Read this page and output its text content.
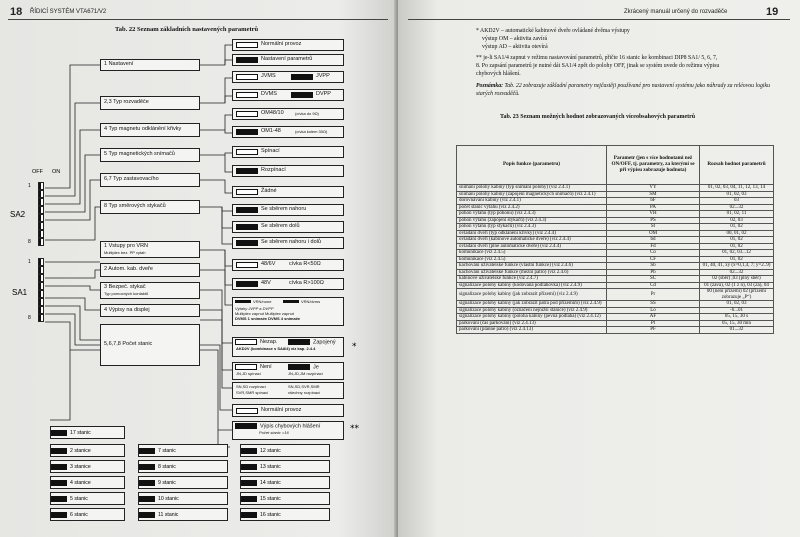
18 ŘÍDICÍ SYSTÉM VTA671/V2
Tab. 22 Seznam základních nastavených parametrů
OFF ON
SA2
SA1
1
8
1
8
1 Nastavení
2,3 Typ rozvaděče
4 Typ magnetu odklánění křivky
5 Typ magnetických snímačů
6,7 Typ zastavovacího
8 Typ směrových stykačů
1 Vstupy pro VRN
Multiplex bez. PP vytah
2 Autom. kab. dveře
3 Bezpeč. stykač
Typ pomocných kontaktů
4 Výpisy na displej
5,6,7,8 Počet stanic
Normální provoz
Nastavení parametrů
JVMS	JVPP
DVMS	DVPP
OM48/10	(cívka do 9Ω)
OM1-48	(cívka kolem 30Ω)
Spínací
Rozpínací
Žádné
Se sběrem nahoru
Se sběrem dolů
Se sběrem nahoru i dolů
48/6V	cívka R<50Ω
48V	cívka R>100Ω
VRN/none	VRN/dvms
Výtahy JVPP a DVPP
Multiplex zapnut Multiplex zapnut
DVMS 1 snímače DVMS 4 snímače
Nezap.	Zapojený
AKD2V (kombinace s SA8/4) viz kap. 2.4.4	*
Není	Je
JN,JD spínací	JN,JD,JM rozpínací
SN,SD rozpínací	SN,SD,SVR,SMR
SVR,SMR spínací	všechny rozpínací
Normální provoz
Výpis chybových hlášení
Počet stanic =16	**
17 stanic
2 stanice
3 stanice
4 stanice
5 stanic
6 stanic
7 stanic
8 stanic
9 stanic
10 stanic
11 stanic
12 stanic
13 stanic
14 stanic
15 stanic
16 stanic
Zkrácený manuál určený do rozvaděče	19
* AKD2V – automatické kabinové dveře ovládané dvěma výstupy
výstup OM – aktivita zavírá
výstup AD – aktivita otevírá
** je-li SA1/4 zapnut v režimu nastavování parametrů, přičte 16 stanic ke kombinaci DIP8 SA1/ 5, 6, 7,
8. Po zapsání parametrů je nutné dát SA1/4 zpět do polohy OFF, jinak se systém uvede do režimu výpisu
chybových hlášení.
Poznámka: Tab. 22 zobrazuje základní parametry nejčastěji používané pro nastavení systému jako náhrady za reléovou logiku starých rozvaděčů.
Tab. 23 Seznam možných hodnot zobrazovaných víceobsahových parametrů
Popis funkce (parametru)	Parametr (jen s více hodnotami než ON/OFF, tj. parametry, za kterými se při výpisu zobrazuje hodnota)	Rozsah hodnot parametrů
snímání polohy kabiny (typ snímání polohy) (viz 2.4.1)	VY	01, 02, 03, 04, 11, 12, 13, 14
snímání polohy kabiny (zapojení magnetických snímačů) (viz 2.4.1)	SM	01, 02, 03
dorovnávání kabiny (viz 2.4.1)	bF	03
počet stanic výtahu (viz 2.4.2)	PA	02...32
pohon výtahu (typ pohonu) (viz 2.4.3)	VH	01, 02, 11
pohon výtahu (zapojení stykačů) (viz 2.4.3)	PS	02, 03
pohon výtahu (typ stykačů) (viz 2.4.3)	St	01, 02
ovládání dveří (typ odklánění křivky) (viz 2.4.4)	OM	00, 01, 02
ovládání dveří (kabinové automatické dveře) (viz 2.4.4)	bd	01, 02
ovládání dveří (plné automatické dveře) (viz 2.4.4)	Fd	01, 02
komunikace (viz 2.4.5)	Co	01, 02, 03...12
komunikace (viz 2.4.5)	CF	01, 02
kachování uživatelské funkce (vlastní funkce) (viz 2.4.6)	Sb	01, 40, 41, xy (x=0,1,4, 7; y=2..9)
kachování uživatelské funkce (mezní patro) (viz 2.4.6)	Pb	02...32
kabinové uživatelské funkce (viz 2.4.7)	SC	02 (sběr) ,03 (plný sběr)
signalizace polohy kabiny (kódovaná podlahovka) (viz 2.4.9)	Cd	01 (zava), 02 (1 z n), 03 (2a), 04
signalizace polohy kabiny (jak zobrazit přízemí) (viz 2.4.9)	Pr	00 (není přízemí) 02 (přízemí zobrazuje „P“)
signalizace polohy kabiny (jak zobrazit patra pod přízemím) (viz 2.4.9)	SS	01, 02, 03
signalizace polohy kabiny (označení nejnižší stanice) (viz 2.4.9)	Lo	-6...01
signalizace polohy kabiny (poloha kabiny (pevná podlaha) (viz 2.4.12)	AF	05, 15, 30 s
parkování (čas parkování) (viz 2.4.13)	Pt	05, 15, 30 min
parkování (plánné patro) (viz 2.4.13)	PF	01...32
